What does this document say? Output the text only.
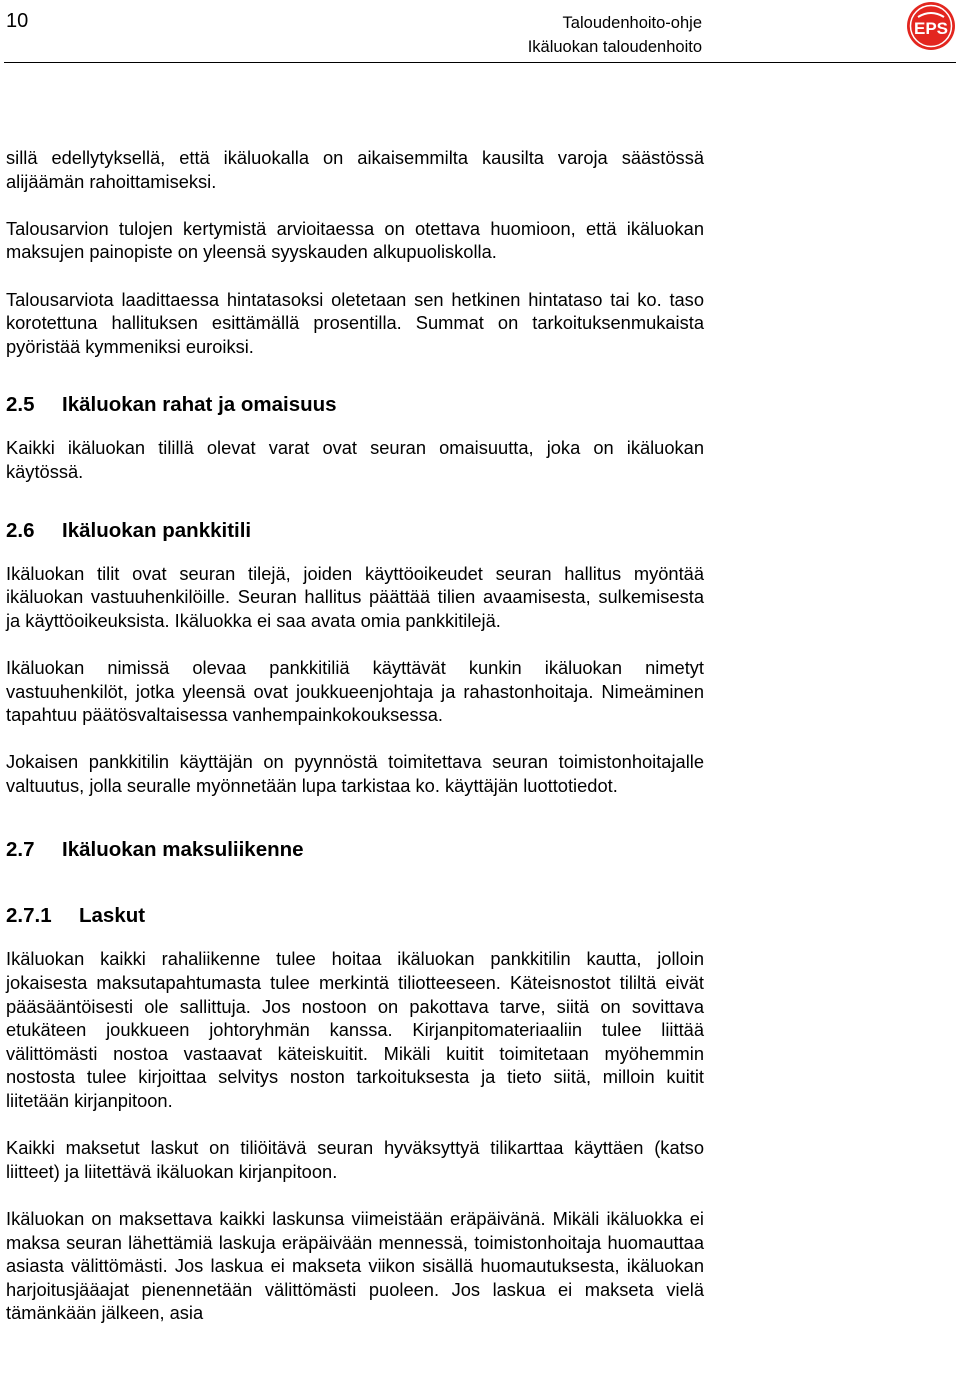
10	Taloudenhoito-ohje
Ikäluokan taloudenhoito
EPS

sillä edellytyksellä, että ikäluokalla on aikaisemmilta kausilta varoja säästössä alijäämän rahoittamiseksi.

Talousarvion tulojen kertymistä arvioitaessa on otettava huomioon, että ikäluokan maksujen painopiste on yleensä syyskauden alkupuoliskolla.

Talousarviota laadittaessa hintatasoksi oletetaan sen hetkinen hintataso tai ko. taso korotettuna hallituksen esittämällä prosentilla. Summat on tarkoituksenmukaista pyöristää kymmeniksi euroiksi.

2.5 Ikäluokan rahat ja omaisuus

Kaikki ikäluokan tilillä olevat varat ovat seuran omaisuutta, joka on ikäluokan käytössä.

2.6 Ikäluokan pankkitili

Ikäluokan tilit ovat seuran tilejä, joiden käyttöoikeudet seuran hallitus myöntää ikäluokan vastuuhenkilöille. Seuran hallitus päättää tilien avaamisesta, sulkemisesta ja käyttöoikeuksista. Ikäluokka ei saa avata omia pankkitilejä.

Ikäluokan nimissä olevaa pankkitiliä käyttävät kunkin ikäluokan nimetyt vastuuhenkilöt, jotka yleensä ovat joukkueenjohtaja ja rahastonhoitaja. Nimeäminen tapahtuu päätösvaltaisessa vanhempainkokouksessa.

Jokaisen pankkitilin käyttäjän on pyynnöstä toimitettava seuran toimistonhoitajalle valtuutus, jolla seuralle myönnetään lupa tarkistaa ko. käyttäjän luottotiedot.

2.7 Ikäluokan maksuliikenne
2.7.1 Laskut

Ikäluokan kaikki rahaliikenne tulee hoitaa ikäluokan pankkitilin kautta, jolloin jokaisesta maksutapahtumasta tulee merkintä tiliotteeseen. Käteisnostot tililtä eivät pääsääntöisesti ole sallittuja. Jos nostoon on pakottava tarve, siitä on sovittava etukäteen joukkueen johtoryhmän kanssa. Kirjanpitomateriaaliin tulee liittää välittömästi nostoa vastaavat käteiskuitit. Mikäli kuitit toimitetaan myöhemmin nostosta tulee kirjoittaa selvitys noston tarkoituksesta ja tieto siitä, milloin kuitit liitetään kirjanpitoon.

Kaikki maksetut laskut on tiliöitävä seuran hyväksyttyä tilikarttaa käyttäen (katso liitteet) ja liitettävä ikäluokan kirjanpitoon.

Ikäluokan on maksettava kaikki laskunsa viimeistään eräpäivänä. Mikäli ikäluokka ei maksa seuran lähettämiä laskuja eräpäivään mennessä, toimistonhoitaja huomauttaa asiasta välittömästi. Jos laskua ei makseta viikon sisällä huomautuksesta, ikäluokan harjoitusjääajat pienennetään välittömästi puoleen. Jos laskua ei makseta vielä tämänkään jälkeen, asia
